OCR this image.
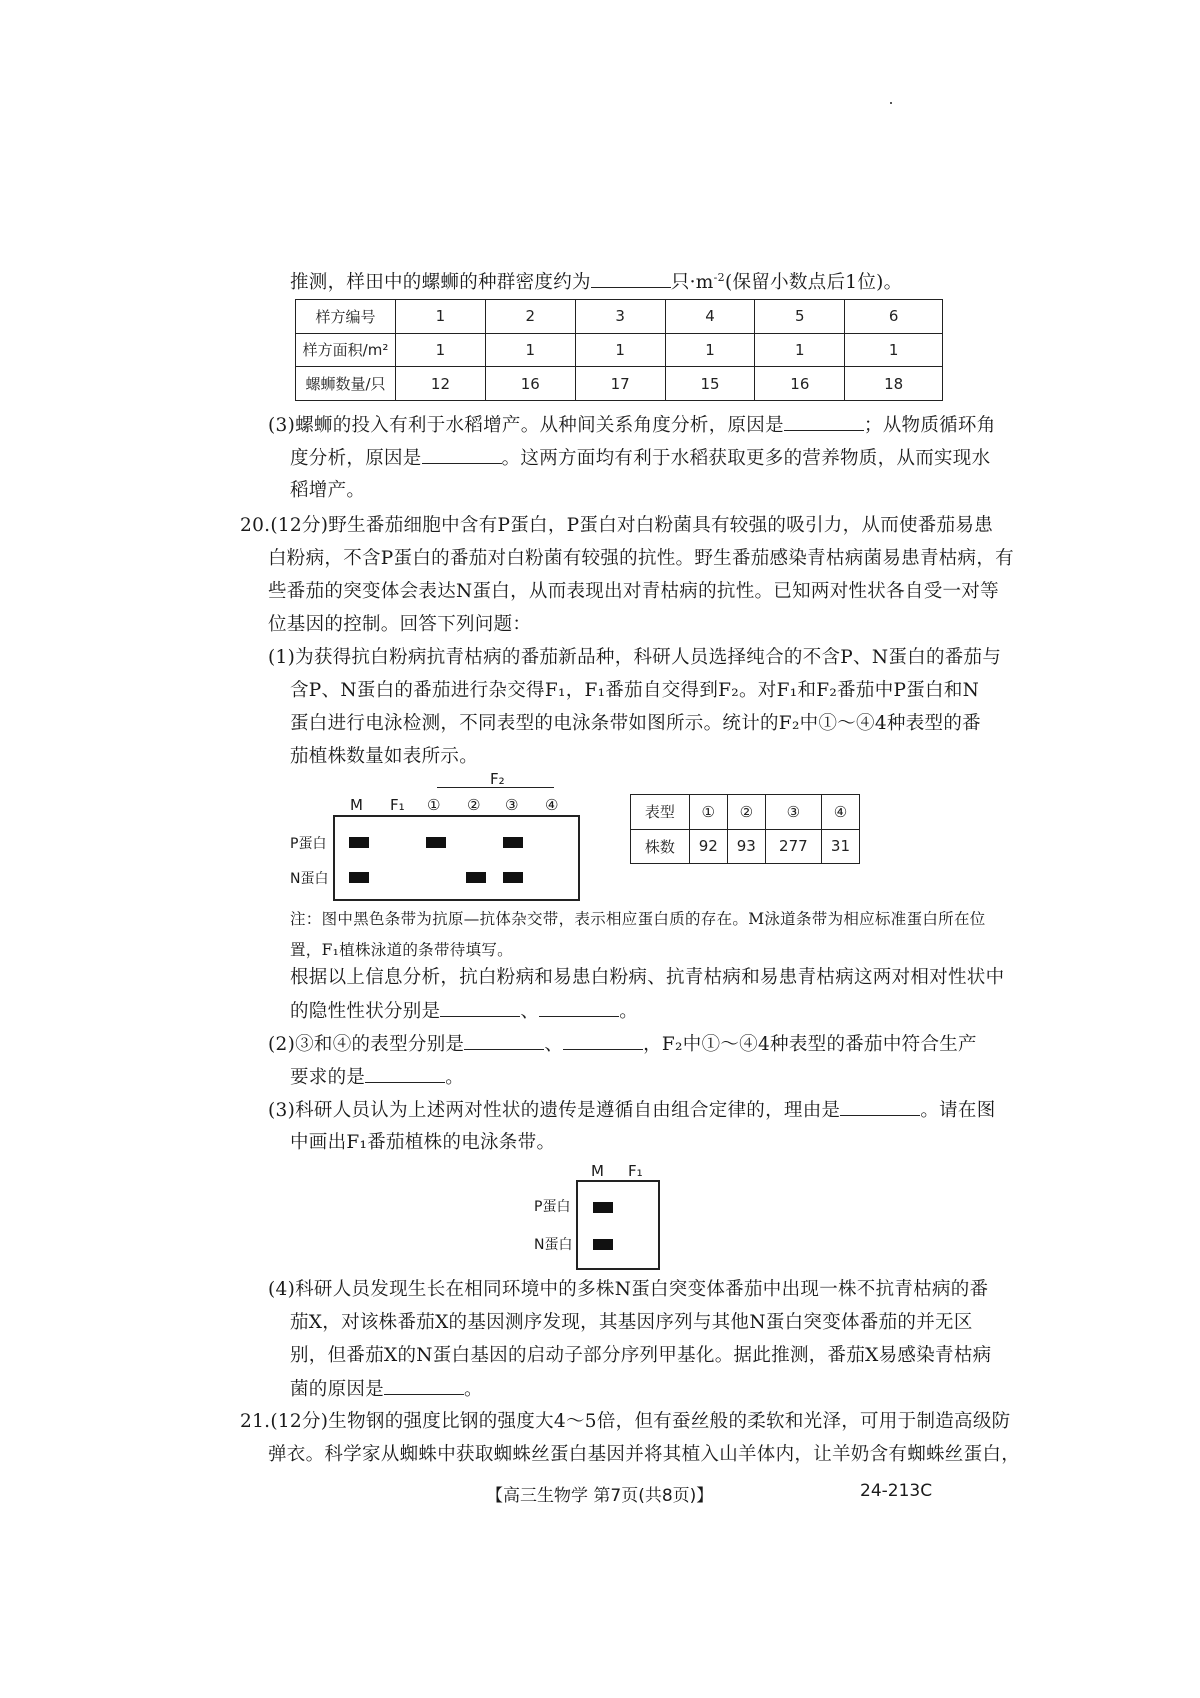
推测，样田中的螺蛳的种群密度约为	只$\cdot m^{-2}$(保留小数点后1位)。
样方编号	1	2	3	4	5	6
样方面积/m²	1	1	1	1	1	1
螺蛳数量/只	12	16	17	15	16	18
(3)螺蛳的投入有利于水稻增产。从种间关系角度分析，原因是	；从物质循环角
度分析，原因是	。这两方面均有利于水稻获取更多的营养物质，从而实现水
稻增产。
20.(12分)野生番茄细胞中含有P蛋白，P蛋白对白粉菌具有较强的吸引力，从而使番茄易患
白粉病，不含P蛋白的番茄对白粉菌有较强的抗性。野生番茄感染青枯病菌易患青枯病，有
些番茄的突变体会表达N蛋白，从而表现出对青枯病的抗性。已知两对性状各自受一对等
位基因的控制。回答下列问题：
(1)为获得抗白粉病抗青枯病的番茄新品种，科研人员选择纯合的不含P、N蛋白的番茄与
含P、N蛋白的番茄进行杂交得F₁，F₁番茄自交得到F₂。对F₁和F₂番茄中P蛋白和N
蛋白进行电泳检测，不同表型的电泳条带如图所示。统计的F₂中①～④4种表型的番
茄植株数量如表所示。
F₂
M F₁ ① ② ③ ④
P蛋白
N蛋白
表型	①	②	③	④
株数	92	93	277	31
注：图中黑色条带为抗原—抗体杂交带，表示相应蛋白质的存在。M泳道条带为相应标准蛋白所在位
置，F₁植株泳道的条带待填写。
根据以上信息分析，抗白粉病和易患白粉病、抗青枯病和易患青枯病这两对相对性状中
的隐性性状分别是	、	。
(2)③和④的表型分别是	、	，F₂中①～④4种表型的番茄中符合生产
要求的是	。
(3)科研人员认为上述两对性状的遗传是遵循自由组合定律的，理由是	。请在图
中画出F₁番茄植株的电泳条带。
M F₁
P蛋白
N蛋白
(4)科研人员发现生长在相同环境中的多株N蛋白突变体番茄中出现一株不抗青枯病的番
茄X，对该株番茄X的基因测序发现，其基因序列与其他N蛋白突变体番茄的并无区
别，但番茄X的N蛋白基因的启动子部分序列甲基化。据此推测，番茄X易感染青枯病
菌的原因是	。
21.(12分)生物钢的强度比钢的强度大4～5倍，但有蚕丝般的柔软和光泽，可用于制造高级防
弹衣。科学家从蜘蛛中获取蜘蛛丝蛋白基因并将其植入山羊体内，让羊奶含有蜘蛛丝蛋白，
【高三生物学 第7页(共8页)】	24-213C
